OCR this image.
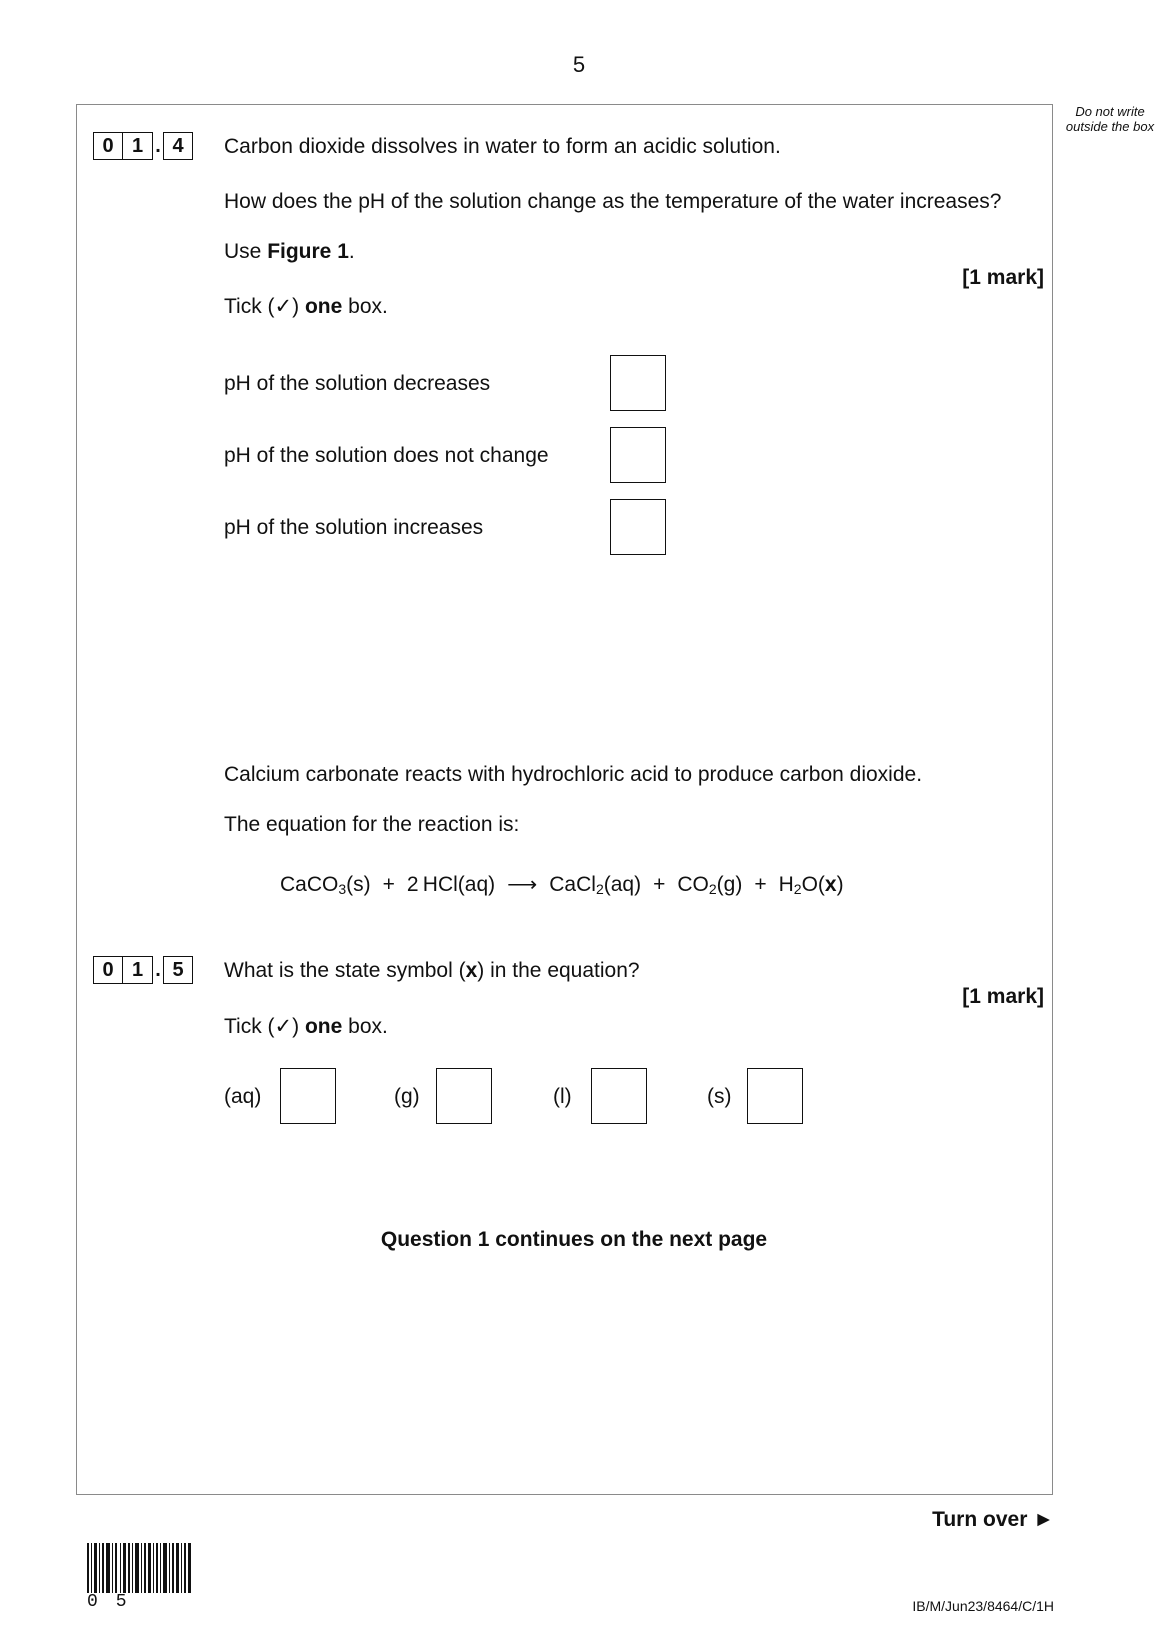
5
Do not write outside the box
0 1 . 4	Carbon dioxide dissolves in water to form an acidic solution.
How does the pH of the solution change as the temperature of the water increases?
Use Figure 1.
[1 mark]
Tick (✓) one box.
pH of the solution decreases
pH of the solution does not change
pH of the solution increases
Calcium carbonate reacts with hydrochloric acid to produce carbon dioxide.
The equation for the reaction is:
CaCO$_3$(s) + 2 HCl(aq) ⟶ CaCl$_2$(aq) + $CO_2(g) + H_2O(x)$
0 1 . 5	What is the state symbol (x) in the equation?
[1 mark]
Tick (✓) one box.
(aq)	(g)	(l)	(s)
Question 1 continues on the next page
Turn over ►
05	IB/M/Jun23/8464/C/1H
